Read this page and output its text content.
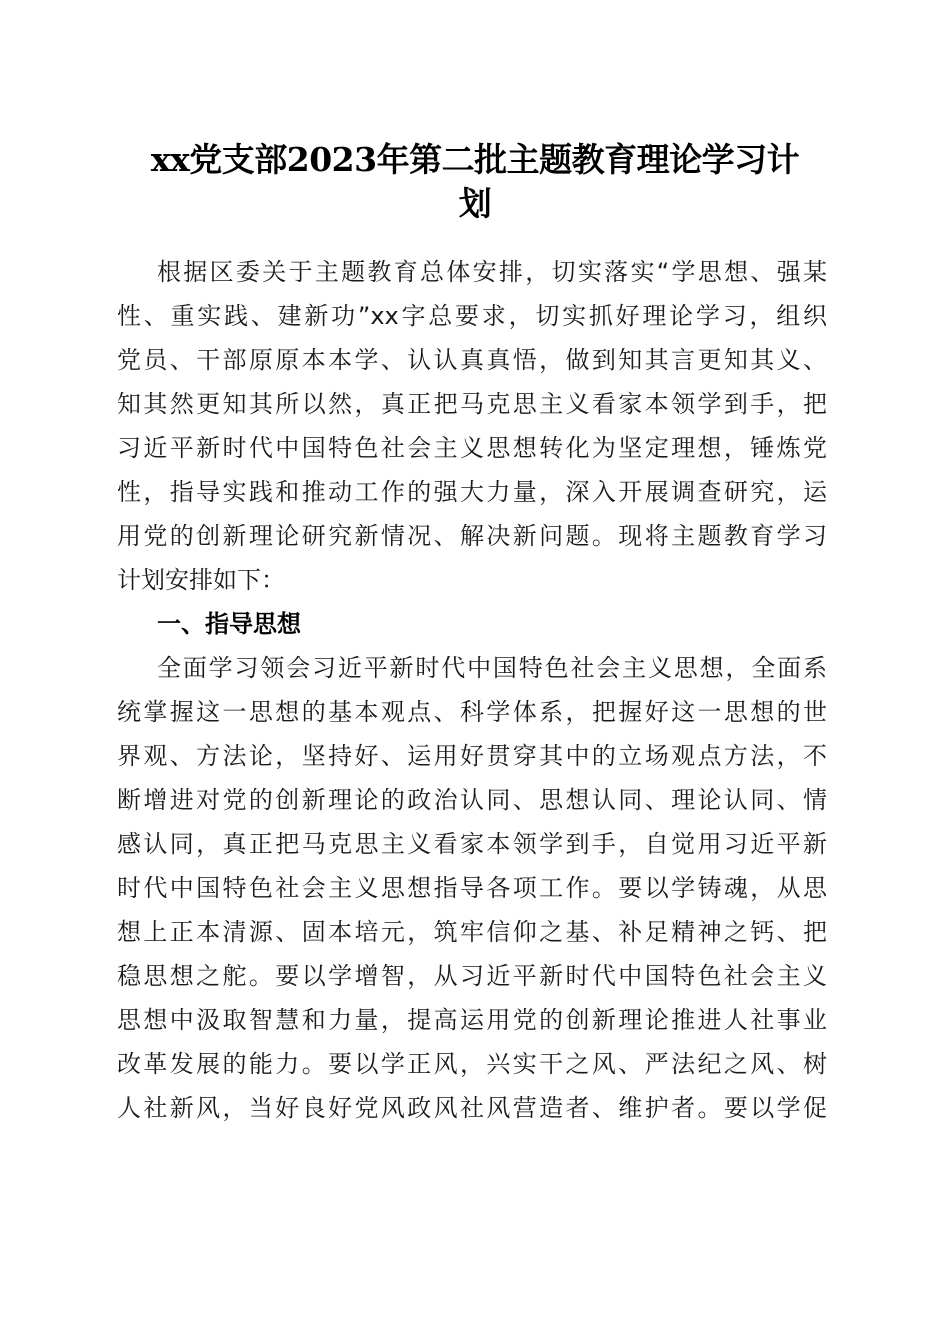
xx党支部2023年第二批主题教育理论学习计
划
根据区委关于主题教育总体安排，切实落实“学思想、强某
性、重实践、建新功”xx字总要求，切实抓好理论学习，组织
党员、干部原原本本学、认认真真悟，做到知其言更知其义、
知其然更知其所以然，真正把马克思主义看家本领学到手，把
习近平新时代中国特色社会主义思想转化为坚定理想，锤炼党
性，指导实践和推动工作的强大力量，深入开展调查研究，运
用党的创新理论研究新情况、解决新问题。现将主题教育学习
计划安排如下：
一、指导思想
全面学习领会习近平新时代中国特色社会主义思想，全面系
统掌握这一思想的基本观点、科学体系，把握好这一思想的世
界观、方法论，坚持好、运用好贯穿其中的立场观点方法，不
断增进对党的创新理论的政治认同、思想认同、理论认同、情
感认同，真正把马克思主义看家本领学到手，自觉用习近平新
时代中国特色社会主义思想指导各项工作。要以学铸魂，从思
想上正本清源、固本培元，筑牢信仰之基、补足精神之钙、把
稳思想之舵。要以学增智，从习近平新时代中国特色社会主义
思想中汲取智慧和力量，提高运用党的创新理论推进人社事业
改革发展的能力。要以学正风，兴实干之风、严法纪之风、树
人社新风，当好良好党风政风社风营造者、维护者。要以学促
